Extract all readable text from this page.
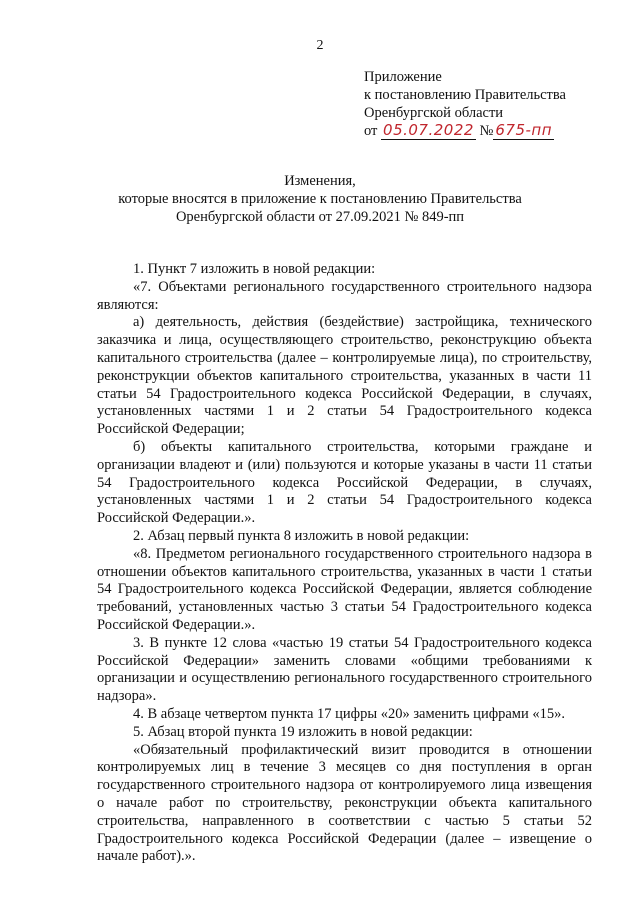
2
Приложение
к постановлению Правительства
Оренбургской области
от 05.07.2022 № 675-пп
Изменения,
которые вносятся в приложение к постановлению Правительства
Оренбургской области от 27.09.2021 № 849-пп

1. Пункт 7 изложить в новой редакции:

«7. Объектами регионального государственного строительного надзора являются:

а) деятельность, действия (бездействие) застройщика, технического заказчика и лица, осуществляющего строительство, реконструкцию объекта капитального строительства (далее – контролируемые лица), по строительству, реконструкции объектов капитального строительства, указанных в части 11 статьи 54 Градостроительного кодекса Российской Федерации, в случаях, установленных частями 1 и 2 статьи 54 Градостроительного кодекса Российской Федерации;

б) объекты капитального строительства, которыми граждане и организации владеют и (или) пользуются и которые указаны в части 11 статьи 54 Градостроительного кодекса Российской Федерации, в случаях, установленных частями 1 и 2 статьи 54 Градостроительного кодекса Российской Федерации.».

2. Абзац первый пункта 8 изложить в новой редакции:

«8. Предметом регионального государственного строительного надзора в отношении объектов капитального строительства, указанных в части 1 статьи 54 Градостроительного кодекса Российской Федерации, является соблюдение требований, установленных частью 3 статьи 54 Градостроительного кодекса Российской Федерации.».

3. В пункте 12 слова «частью 19 статьи 54 Градостроительного кодекса Российской Федерации» заменить словами «общими требованиями к организации и осуществлению регионального государственного строительного надзора».

4. В абзаце четвертом пункта 17 цифры «20» заменить цифрами «15».

5. Абзац второй пункта 19 изложить в новой редакции:

«Обязательный профилактический визит проводится в отношении контролируемых лиц в течение 3 месяцев со дня поступления в орган государственного строительного надзора от контролируемого лица извещения о начале работ по строительству, реконструкции объекта капитального строительства, направленного в соответствии с частью 5 статьи 52 Градостроительного кодекса Российской Федерации (далее – извещение о начале работ).».
